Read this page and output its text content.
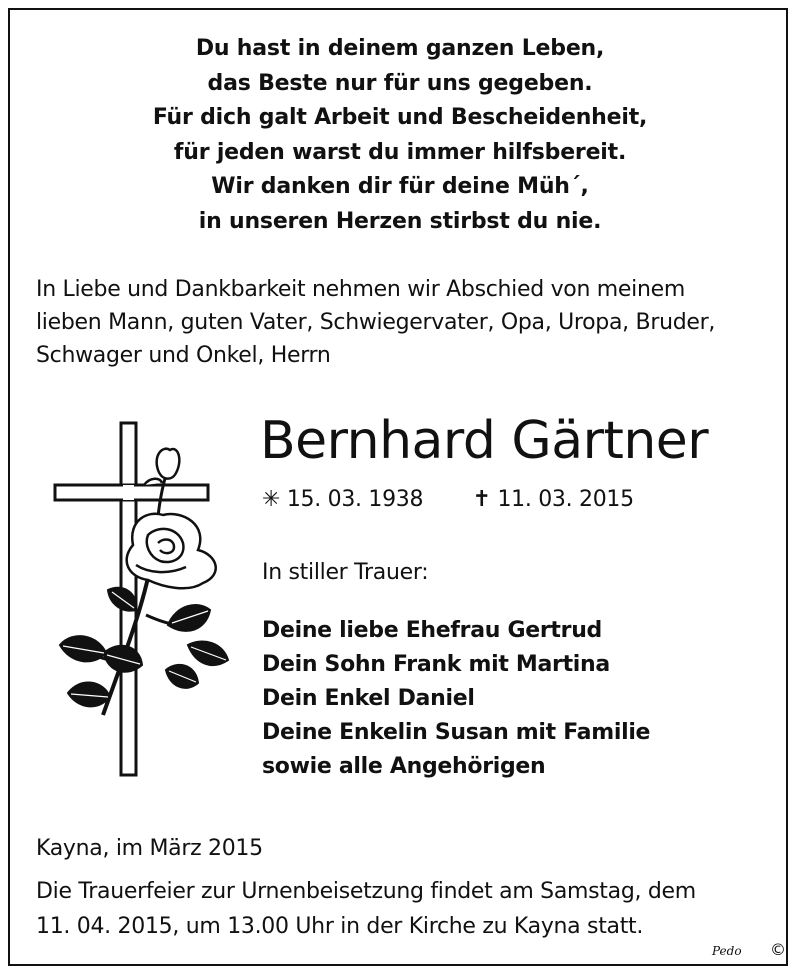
Du hast in deinem ganzen Leben,
das Beste nur für uns gegeben.
Für dich galt Arbeit und Bescheidenheit,
für jeden warst du immer hilfsbereit.
Wir danken dir für deine Müh´,
in unseren Herzen stirbst du nie.
In Liebe und Dankbarkeit nehmen wir Abschied von meinem
lieben Mann, guten Vater, Schwiegervater, Opa, Uropa, Bruder,
Schwager und Onkel, Herrn
Bernhard Gärtner
✳ 15. 03. 1938 ✝ 11. 03. 2015
In stiller Trauer:
Deine liebe Ehefrau Gertrud
Dein Sohn Frank mit Martina
Dein Enkel Daniel
Deine Enkelin Susan mit Familie
sowie alle Angehörigen
Kayna, im März 2015
Die Trauerfeier zur Urnenbeisetzung findet am Samstag, dem
11. 04. 2015, um 13.00 Uhr in der Kirche zu Kayna statt.
Pedo ©
